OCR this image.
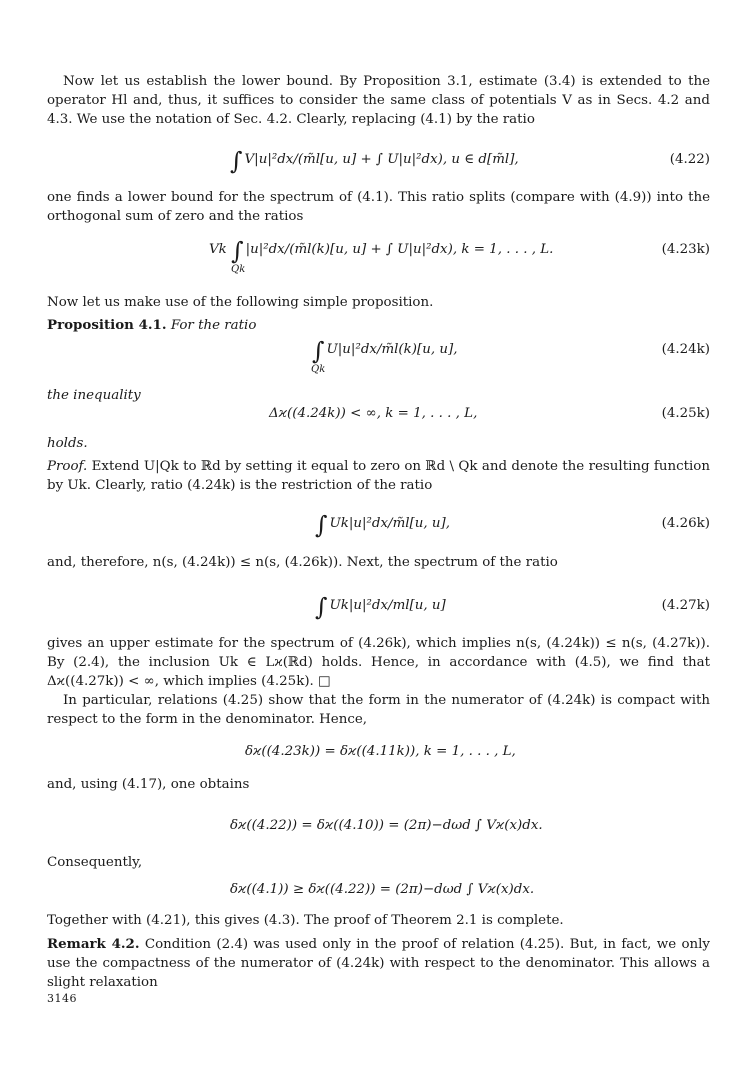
Now let us establish the lower bound. By Proposition 3.1, estimate (3.4) is extended to the operator Hl and, thus, it suffices to consider the same class of potentials V as in Secs. 4.2 and 4.3. We use the notation of Sec. 4.2. Clearly, replacing (4.1) by the ratio

∫ V|u|²dx/(m̃l[u, u] + ∫ U|u|²dx), u ∈ d[m̃l],	(4.22)

one finds a lower bound for the spectrum of (4.1). This ratio splits (compare with (4.9)) into the orthogonal sum of zero and the ratios

Vk ∫ |u|²dx/(m̃l(k)[u, u] + ∫ U|u|²dx), k = 1, . . . , L.
Qk
(4.23k)

Now let us make use of the following simple proposition.

Proposition 4.1. For the ratio

∫ U|u|²dx/m̃l(k)[u, u],
Qk
(4.24k)

the inequality

Δϰ((4.24k)) < ∞, k = 1, . . . , L,	(4.25k)

holds.

Proof. Extend U|Qk to ℝd by setting it equal to zero on ℝd \ Qk and denote the resulting function by Uk. Clearly, ratio (4.24k) is the restriction of the ratio

∫ Uk|u|²dx/m̃l[u, u],	(4.26k)

and, therefore, n(s, (4.24k)) ≤ n(s, (4.26k)). Next, the spectrum of the ratio

∫ Uk|u|²dx/ml[u, u]	(4.27k)

gives an upper estimate for the spectrum of (4.26k), which implies n(s, (4.24k)) ≤ n(s, (4.27k)). By (2.4), the inclusion Uk ∈ Lϰ(ℝd) holds. Hence, in accordance with (4.5), we find that Δϰ((4.27k)) < ∞, which implies (4.25k). □

In particular, relations (4.25) show that the form in the numerator of (4.24k) is compact with respect to the form in the denominator. Hence,

δϰ((4.23k)) = δϰ((4.11k)), k = 1, . . . , L,

and, using (4.17), one obtains

δϰ((4.22)) = δϰ((4.10)) = (2π)−dωd ∫ Vϰ(x)dx.

Consequently,

δϰ((4.1)) ≥ δϰ((4.22)) = (2π)−dωd ∫ Vϰ(x)dx.

Together with (4.21), this gives (4.3). The proof of Theorem 2.1 is complete.

Remark 4.2. Condition (2.4) was used only in the proof of relation (4.25). But, in fact, we only use the compactness of the numerator of (4.24k) with respect to the denominator. This allows a slight relaxation

3146
